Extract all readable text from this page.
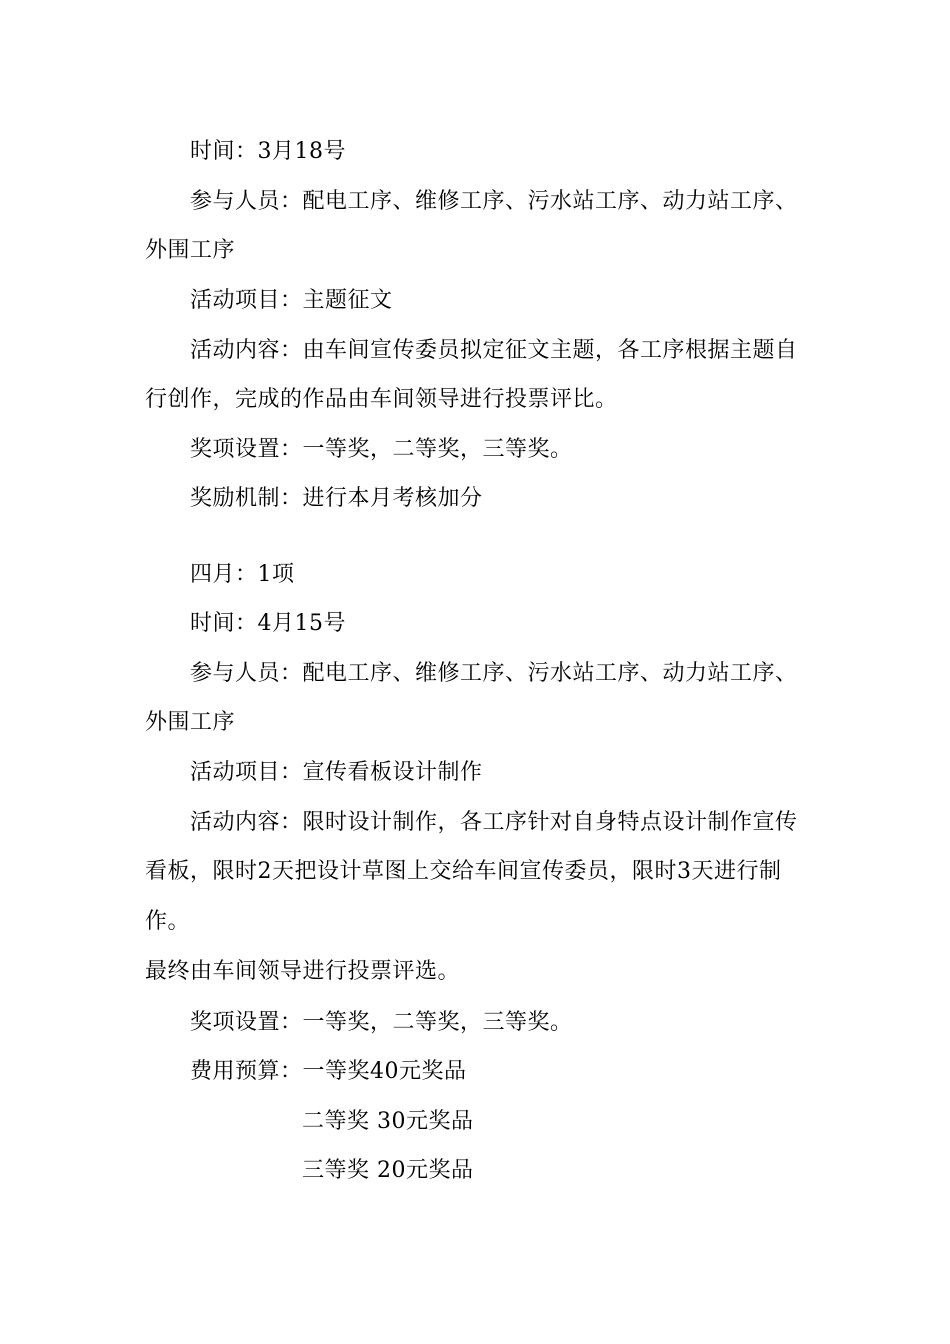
时间：3月18号
参与人员：配电工序、维修工序、污水站工序、动力站工序、
外围工序
活动项目：主题征文
活动内容：由车间宣传委员拟定征文主题，各工序根据主题自
行创作，完成的作品由车间领导进行投票评比。
奖项设置：一等奖，二等奖，三等奖。
奖励机制：进行本月考核加分
四月：1项
时间：4月15号
参与人员：配电工序、维修工序、污水站工序、动力站工序、
外围工序
活动项目：宣传看板设计制作
活动内容：限时设计制作，各工序针对自身特点设计制作宣传
看板，限时2天把设计草图上交给车间宣传委员，限时3天进行制
作。
最终由车间领导进行投票评选。
奖项设置：一等奖，二等奖，三等奖。
费用预算：一等奖40元奖品
二等奖 30元奖品
三等奖 20元奖品
